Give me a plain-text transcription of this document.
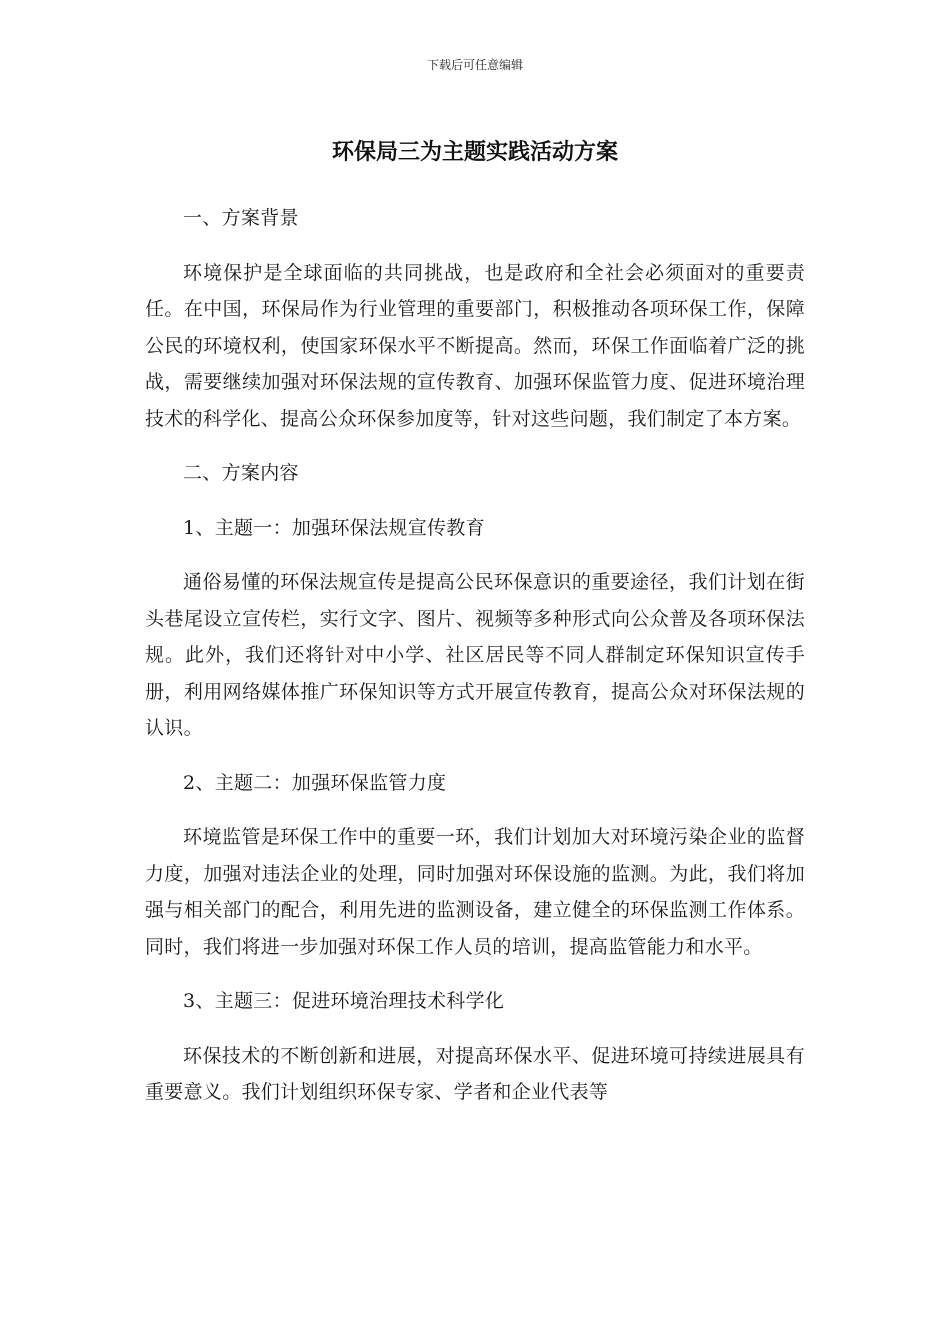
下载后可任意编辑
环保局三为主题实践活动方案

一、方案背景

环境保护是全球面临的共同挑战，也是政府和全社会必须面对的重要责任。在中国，环保局作为行业管理的重要部门，积极推动各项环保工作，保障公民的环境权利，使国家环保水平不断提高。然而，环保工作面临着广泛的挑战，需要继续加强对环保法规的宣传教育、加强环保监管力度、促进环境治理技术的科学化、提高公众环保参加度等，针对这些问题，我们制定了本方案。

二、方案内容

1、主题一：加强环保法规宣传教育

通俗易懂的环保法规宣传是提高公民环保意识的重要途径，我们计划在街头巷尾设立宣传栏，实行文字、图片、视频等多种形式向公众普及各项环保法规。此外，我们还将针对中小学、社区居民等不同人群制定环保知识宣传手册，利用网络媒体推广环保知识等方式开展宣传教育，提高公众对环保法规的认识。

2、主题二：加强环保监管力度

环境监管是环保工作中的重要一环，我们计划加大对环境污染企业的监督力度，加强对违法企业的处理，同时加强对环保设施的监测。为此，我们将加强与相关部门的配合，利用先进的监测设备，建立健全的环保监测工作体系。同时，我们将进一步加强对环保工作人员的培训，提高监管能力和水平。

3、主题三：促进环境治理技术科学化

环保技术的不断创新和进展，对提高环保水平、促进环境可持续进展具有重要意义。我们计划组织环保专家、学者和企业代表等
